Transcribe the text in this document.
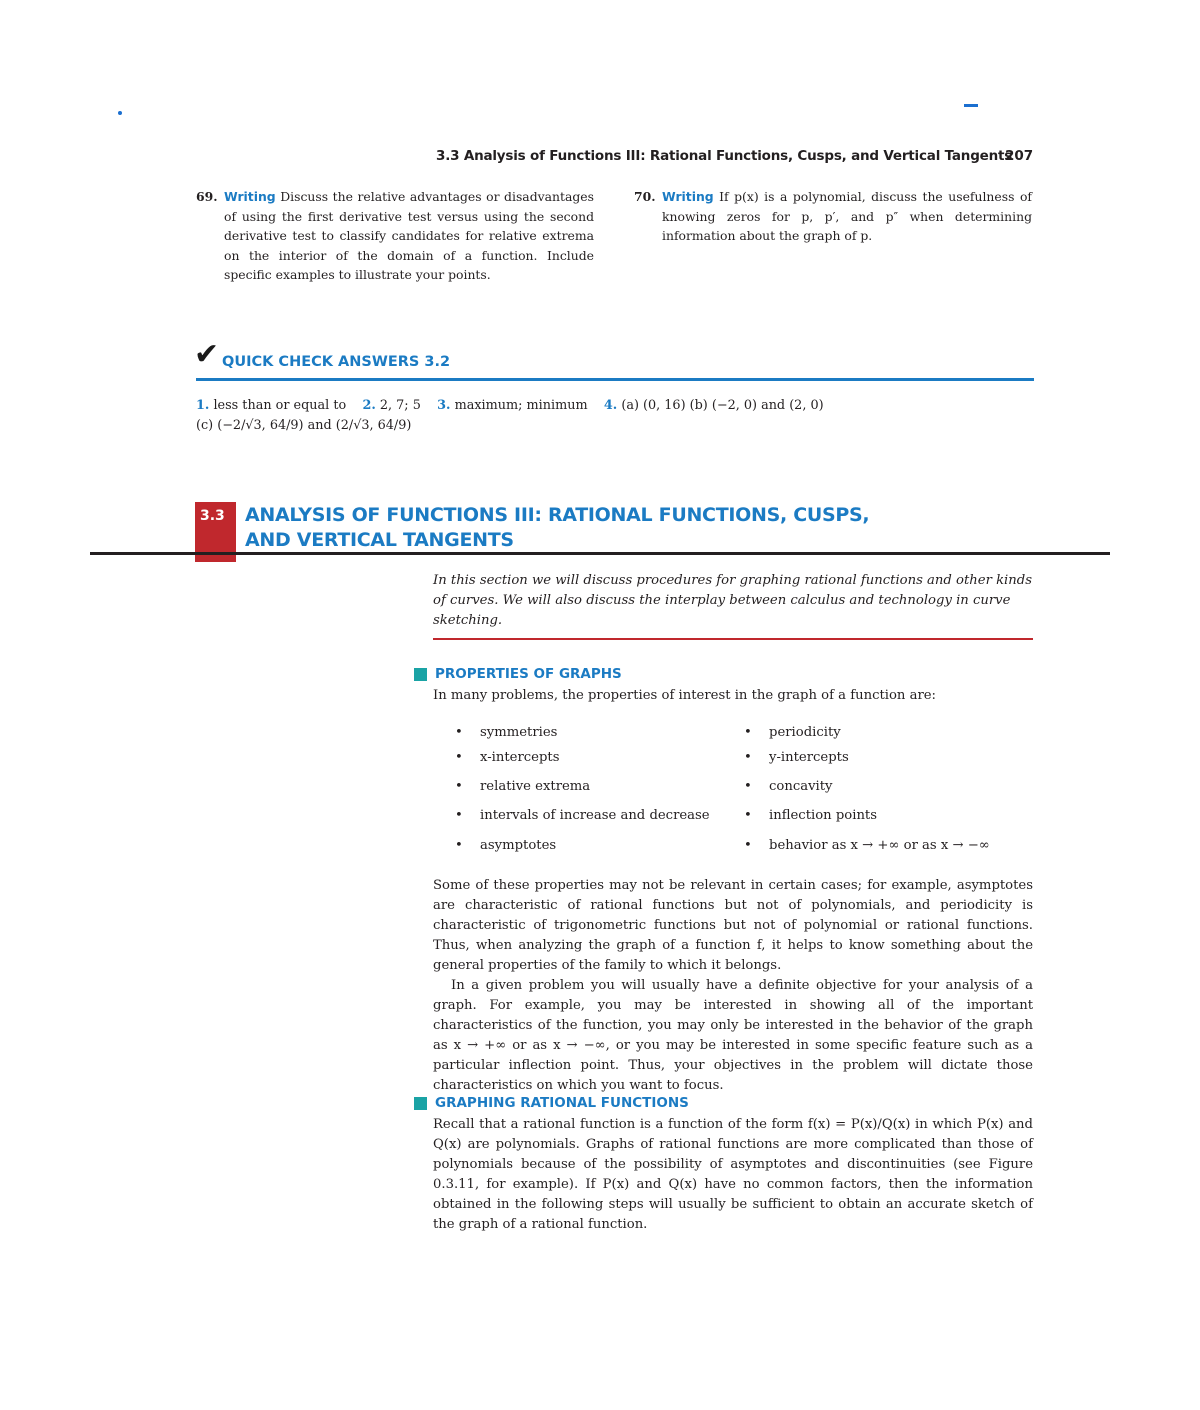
3.3 Analysis of Functions III: Rational Functions, Cusps, and Vertical Tangents
207
69. Writing Discuss the relative advantages or disadvantages of using the first derivative test versus using the second derivative test to classify candidates for relative extrema on the interior of the domain of a function. Include specific examples to illustrate your points.
70. Writing If p(x) is a polynomial, discuss the usefulness of knowing zeros for p, p′, and p″ when determining information about the graph of p.
✔ QUICK CHECK ANSWERS 3.2
1. less than or equal to 2. 2, 7; 5 3. maximum; minimum 4. (a) (0, 16) (b) (−2, 0) and (2, 0)
(c) (−2/√3, 64/9) and (2/√3, 64/9)
3.3 ANALYSIS OF FUNCTIONS III: RATIONAL FUNCTIONS, CUSPS,
AND VERTICAL TANGENTS
In this section we will discuss procedures for graphing rational functions and other kinds of curves. We will also discuss the interplay between calculus and technology in curve sketching.
PROPERTIES OF GRAPHS
In many problems, the properties of interest in the graph of a function are:
• symmetries
• x-intercepts
• relative extrema
• intervals of increase and decrease
• asymptotes
• periodicity
• y-intercepts
• concavity
• inflection points
• behavior as x → +∞ or as x → −∞
Some of these properties may not be relevant in certain cases; for example, asymptotes are characteristic of rational functions but not of polynomials, and periodicity is characteristic of trigonometric functions but not of polynomial or rational functions. Thus, when analyzing the graph of a function f, it helps to know something about the general properties of the family to which it belongs.
In a given problem you will usually have a definite objective for your analysis of a graph. For example, you may be interested in showing all of the important characteristics of the function, you may only be interested in the behavior of the graph as x → +∞ or as x → −∞, or you may be interested in some specific feature such as a particular inflection point. Thus, your objectives in the problem will dictate those characteristics on which you want to focus.
GRAPHING RATIONAL FUNCTIONS
Recall that a rational function is a function of the form f(x) = P(x)/Q(x) in which P(x) and Q(x) are polynomials. Graphs of rational functions are more complicated than those of polynomials because of the possibility of asymptotes and discontinuities (see Figure 0.3.11, for example). If P(x) and Q(x) have no common factors, then the information obtained in the following steps will usually be sufficient to obtain an accurate sketch of the graph of a rational function.
